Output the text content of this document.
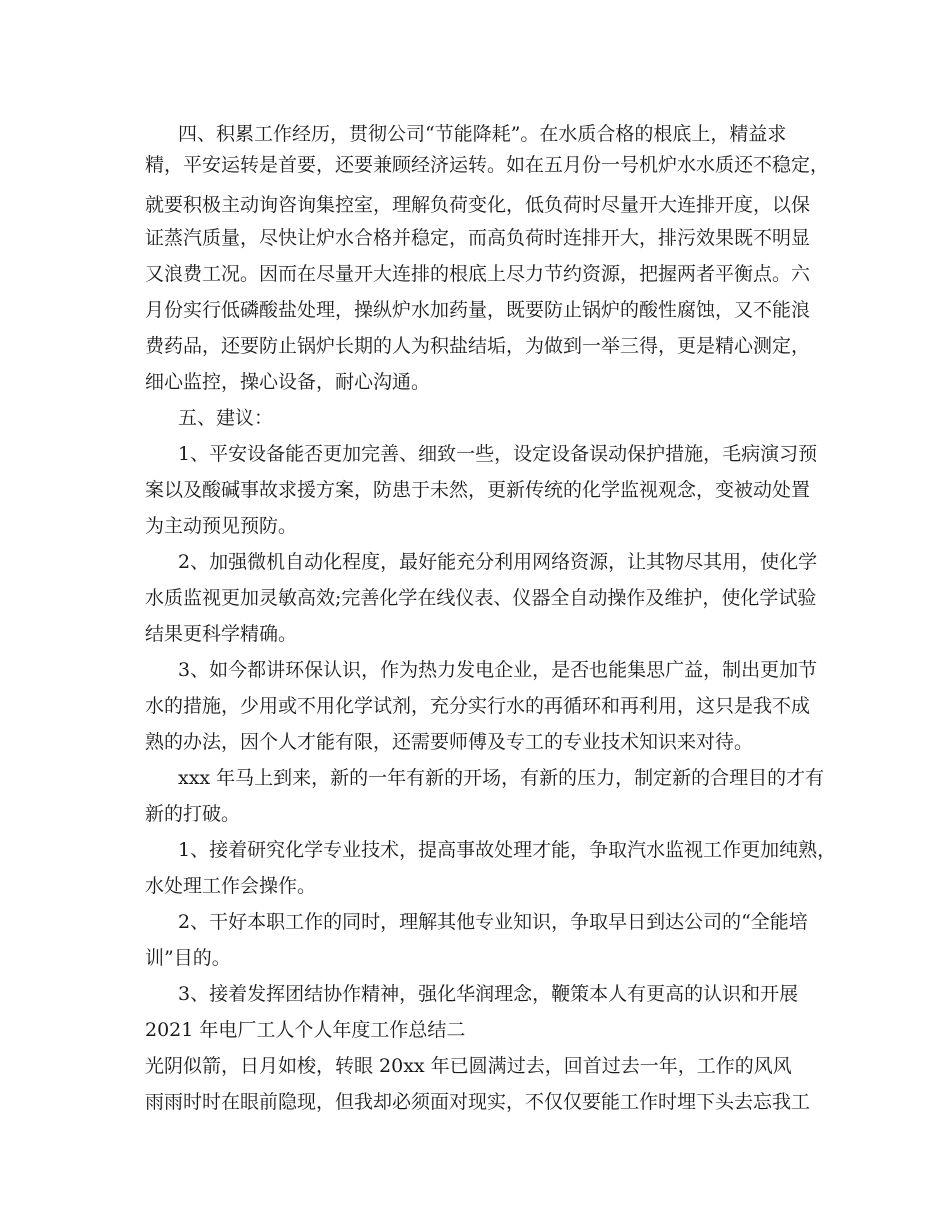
四、积累工作经历，贯彻公司“节能降耗”。在水质合格的根底上，精益求
精，平安运转是首要，还要兼顾经济运转。如在五月份一号机炉水水质还不稳定，
就要积极主动询咨询集控室，理解负荷变化，低负荷时尽量开大连排开度，以保
证蒸汽质量，尽快让炉水合格并稳定，而高负荷时连排开大，排污效果既不明显
又浪费工况。因而在尽量开大连排的根底上尽力节约资源，把握两者平衡点。六
月份实行低磷酸盐处理，操纵炉水加药量，既要防止锅炉的酸性腐蚀，又不能浪
费药品，还要防止锅炉长期的人为积盐结垢，为做到一举三得，更是精心测定，
细心监控，操心设备，耐心沟通。
五、建议：
1、平安设备能否更加完善、细致一些，设定设备误动保护措施，毛病演习预
案以及酸碱事故求援方案，防患于未然，更新传统的化学监视观念，变被动处置
为主动预见预防。
2、加强微机自动化程度，最好能充分利用网络资源，让其物尽其用，使化学
水质监视更加灵敏高效;完善化学在线仪表、仪器全自动操作及维护，使化学试验
结果更科学精确。
3、如今都讲环保认识，作为热力发电企业，是否也能集思广益，制出更加节
水的措施，少用或不用化学试剂，充分实行水的再循环和再利用，这只是我不成
熟的办法，因个人才能有限，还需要师傅及专工的专业技术知识来对待。
xxx 年马上到来，新的一年有新的开场，有新的压力，制定新的合理目的才有
新的打破。
1、接着研究化学专业技术，提高事故处理才能，争取汽水监视工作更加纯熟，
水处理工作会操作。
2、干好本职工作的同时，理解其他专业知识，争取早日到达公司的“全能培
训”目的。
3、接着发挥团结协作精神，强化华润理念，鞭策本人有更高的认识和开展
2021 年电厂工人个人年度工作总结二
光阴似箭，日月如梭，转眼 20xx 年已圆满过去，回首过去一年，工作的风风
雨雨时时在眼前隐现，但我却必须面对现实，不仅仅要能工作时埋下头去忘我工
